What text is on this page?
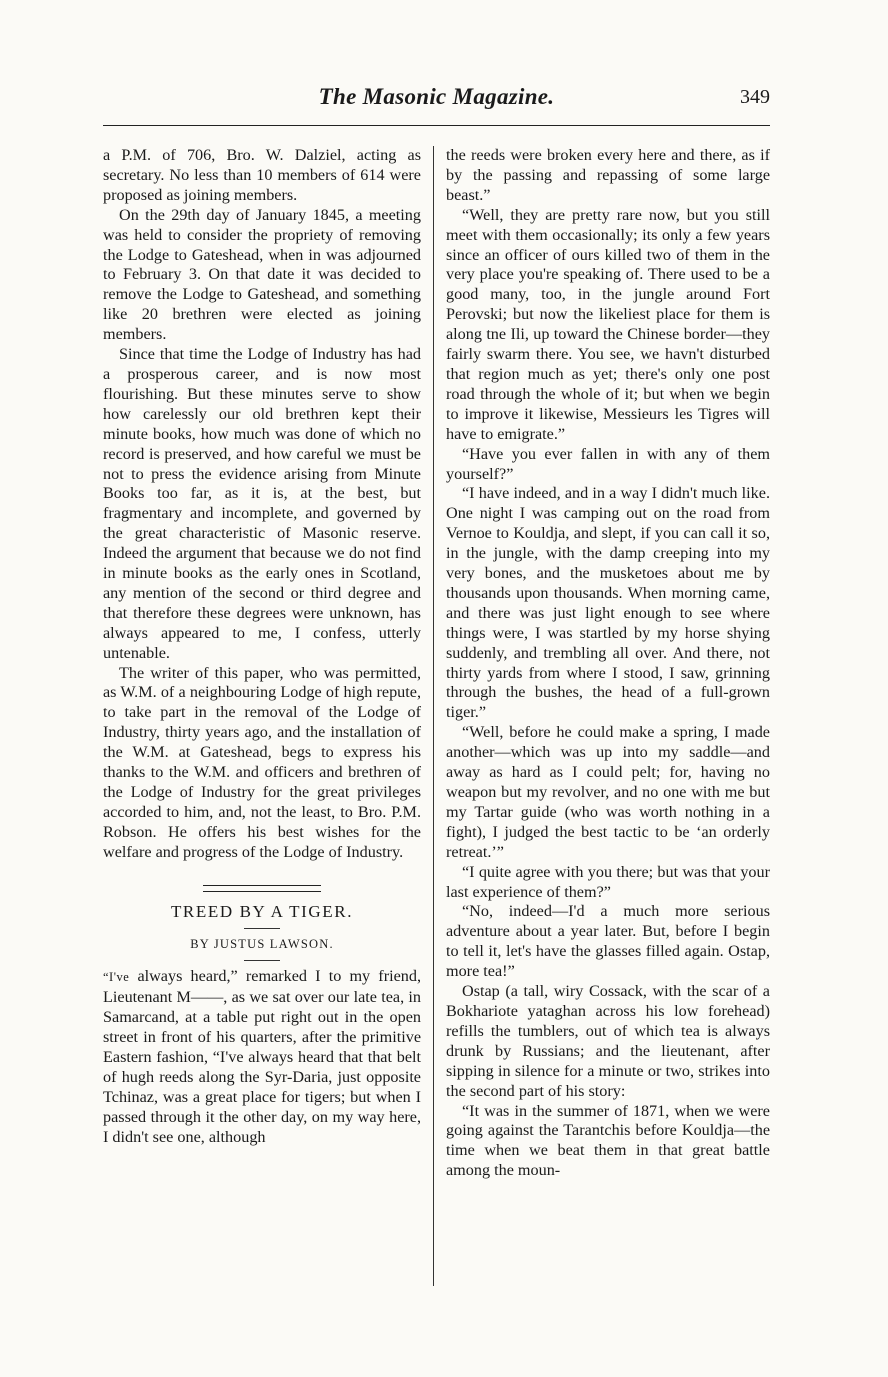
The Masonic Magazine.	349

a P.M. of 706, Bro. W. Dalziel, acting as secretary. No less than 10 members of 614 were proposed as joining members.

On the 29th day of January 1845, a meeting was held to consider the propriety of removing the Lodge to Gateshead, when in was adjourned to February 3. On that date it was decided to remove the Lodge to Gateshead, and something like 20 brethren were elected as joining members.

Since that time the Lodge of Industry has had a prosperous career, and is now most flourishing. But these minutes serve to show how carelessly our old brethren kept their minute books, how much was done of which no record is preserved, and how careful we must be not to press the evidence arising from Minute Books too far, as it is, at the best, but fragmentary and incomplete, and governed by the great characteristic of Masonic reserve. Indeed the argument that because we do not find in minute books as the early ones in Scotland, any mention of the second or third degree and that therefore these degrees were unknown, has always appeared to me, I confess, utterly untenable.

The writer of this paper, who was permitted, as W.M. of a neighbouring Lodge of high repute, to take part in the removal of the Lodge of Industry, thirty years ago, and the installation of the W.M. at Gateshead, begs to express his thanks to the W.M. and officers and brethren of the Lodge of Industry for the great privileges accorded to him, and, not the least, to Bro. P.M. Robson. He offers his best wishes for the welfare and progress of the Lodge of Industry.

TREED BY A TIGER.
BY JUSTUS LAWSON.

“I've always heard,” remarked I to my friend, Lieutenant M——, as we sat over our late tea, in Samarcand, at a table put right out in the open street in front of his quarters, after the primitive Eastern fashion, “I've always heard that that belt of hugh reeds along the Syr-Daria, just opposite Tchinaz, was a great place for tigers; but when I passed through it the other day, on my way here, I didn't see one, although

the reeds were broken every here and there, as if by the passing and repassing of some large beast.”

“Well, they are pretty rare now, but you still meet with them occasionally; its only a few years since an officer of ours killed two of them in the very place you're speaking of. There used to be a good many, too, in the jungle around Fort Perovski; but now the likeliest place for them is along tne Ili, up toward the Chinese border—they fairly swarm there. You see, we havn't disturbed that region much as yet; there's only one post road through the whole of it; but when we begin to improve it likewise, Messieurs les Tigres will have to emigrate.”

“Have you ever fallen in with any of them yourself?”

“I have indeed, and in a way I didn't much like. One night I was camping out on the road from Vernoe to Kouldja, and slept, if you can call it so, in the jungle, with the damp creeping into my very bones, and the musketoes about me by thousands upon thousands. When morning came, and there was just light enough to see where things were, I was startled by my horse shying suddenly, and trembling all over. And there, not thirty yards from where I stood, I saw, grinning through the bushes, the head of a full-grown tiger.”

“Well, before he could make a spring, I made another—which was up into my saddle—and away as hard as I could pelt; for, having no weapon but my revolver, and no one with me but my Tartar guide (who was worth nothing in a fight), I judged the best tactic to be ‘an orderly retreat.’”

“I quite agree with you there; but was that your last experience of them?”

“No, indeed—I'd a much more serious adventure about a year later. But, before I begin to tell it, let's have the glasses filled again. Ostap, more tea!”

Ostap (a tall, wiry Cossack, with the scar of a Bokhariote yataghan across his low forehead) refills the tumblers, out of which tea is always drunk by Russians; and the lieutenant, after sipping in silence for a minute or two, strikes into the second part of his story:

“It was in the summer of 1871, when we were going against the Tarantchis before Kouldja—the time when we beat them in that great battle among the moun-
